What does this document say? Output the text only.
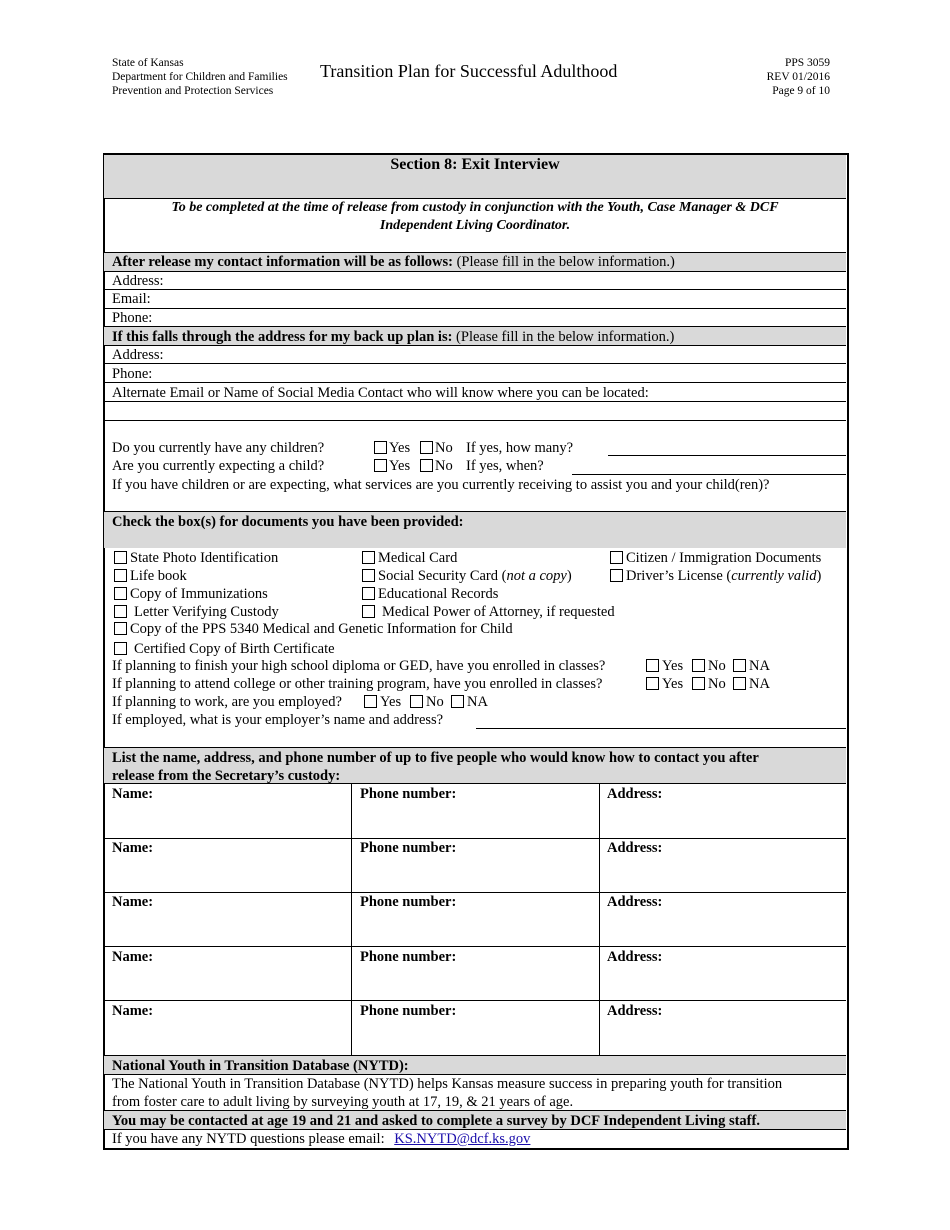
State of Kansas
Department for Children and Families
Prevention and Protection Services
Transition Plan for Successful Adulthood	PPS 3059
REV 01/2016
Page 9 of 10
Section 8: Exit Interview
To be completed at the time of release from custody in conjunction with the Youth, Case Manager & DCF
Independent Living Coordinator.
After release my contact information will be as follows: (Please fill in the below information.)
Address:
Email:
Phone:
If this falls through the address for my back up plan is: (Please fill in the below information.)
Address:
Phone:
Alternate Email or Name of Social Media Contact who will know where you can be located:
Do you currently have any children?	Yes No If yes, how many?
Are you currently expecting a child?	Yes No If yes, when?
If you have children or are expecting, what services are you currently receiving to assist you and your child(ren)?
Check the box(s) for documents you have been provided:
State Photo Identification	Medical Card	Citizen / Immigration Documents
Life book	Social Security Card (not a copy)	Driver’s License (currently valid)
Copy of Immunizations	Educational Records
Letter Verifying Custody	Medical Power of Attorney, if requested
Copy of the PPS 5340 Medical and Genetic Information for Child
Certified Copy of Birth Certificate
If planning to finish your high school diploma or GED, have you enrolled in classes?	Yes No NA
If planning to attend college or other training program, have you enrolled in classes?	Yes No NA
If planning to work, are you employed?	Yes No NA
If employed, what is your employer’s name and address?
List the name, address, and phone number of up to five people who would know how to contact you after
release from the Secretary’s custody:
Name:	Phone number:	Address:
Name:	Phone number:	Address:
Name:	Phone number:	Address:
Name:	Phone number:	Address:
Name:	Phone number:	Address:
National Youth in Transition Database (NYTD):
The National Youth in Transition Database (NYTD) helps Kansas measure success in preparing youth for transition
from foster care to adult living by surveying youth at 17, 19, & 21 years of age.
You may be contacted at age 19 and 21 and asked to complete a survey by DCF Independent Living staff.
If you have any NYTD questions please email: KS.NYTD@dcf.ks.gov
